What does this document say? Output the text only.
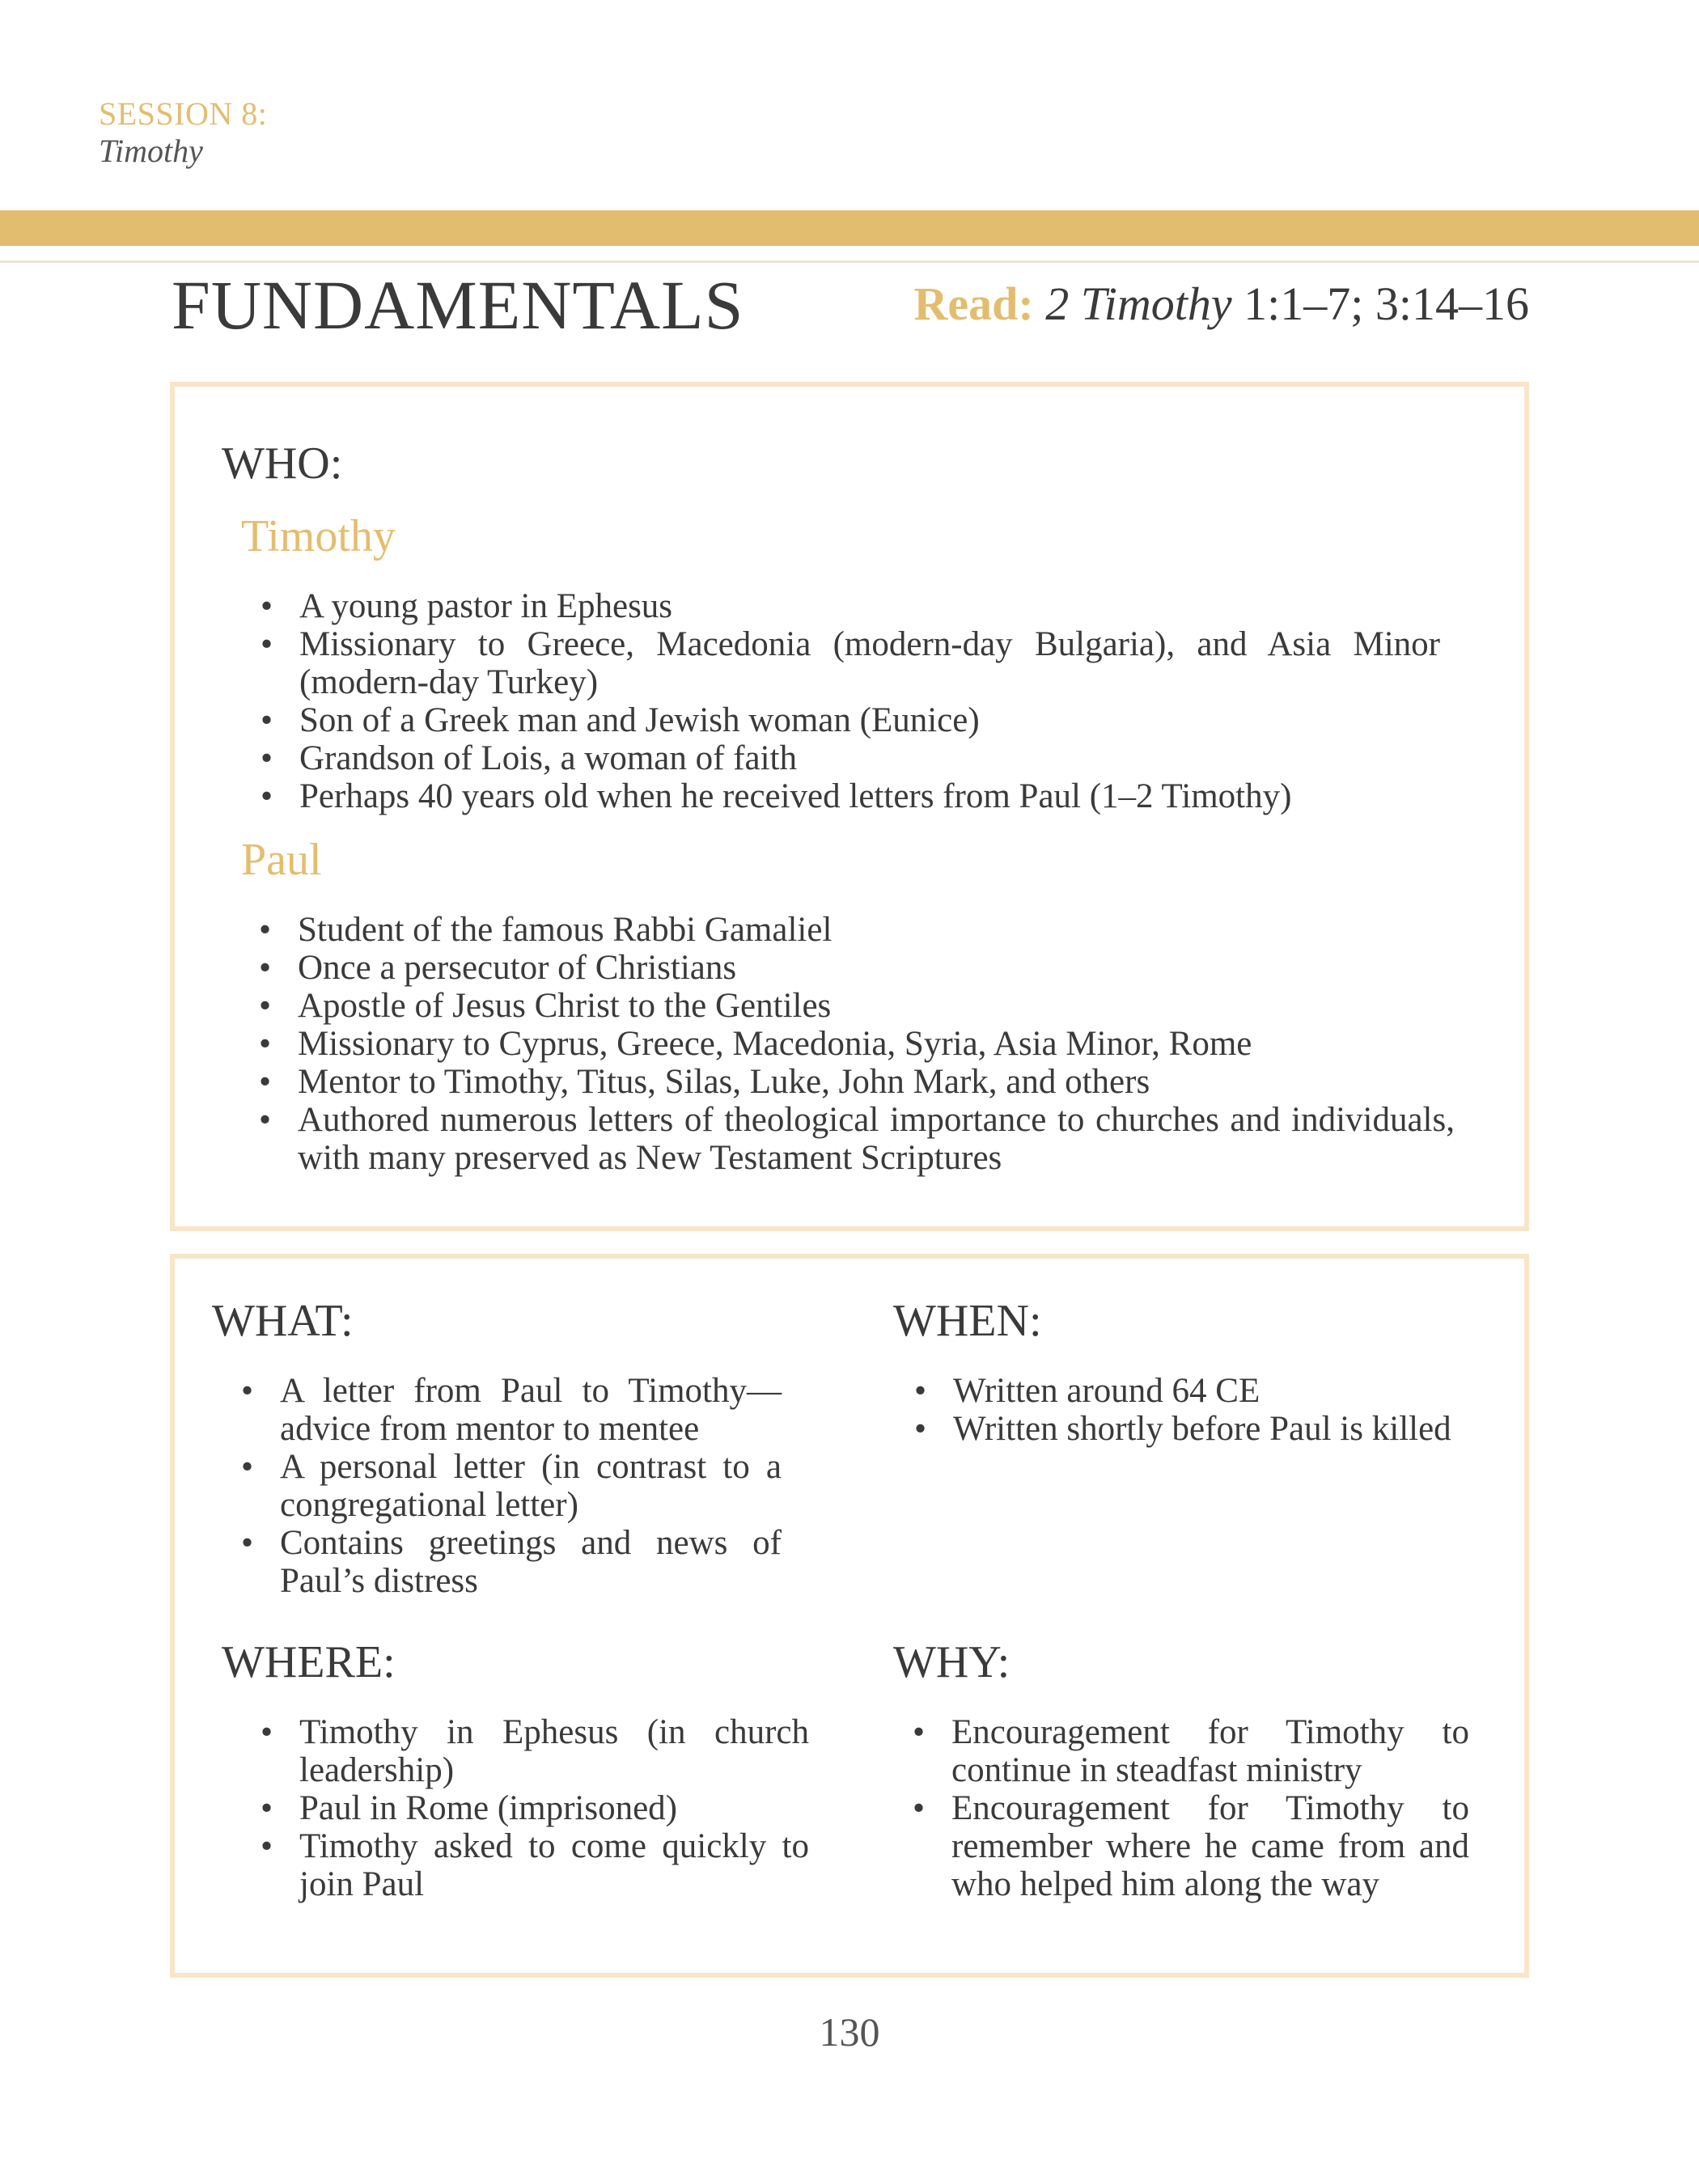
SESSION 8:
Timothy
FUNDAMENTALS	Read: 2 Timothy 1:1–7; 3:14–16
WHO:
Timothy
• A young pastor in Ephesus
• Missionary to Greece, Macedonia (modern-day Bulgaria), and Asia Minor (modern-day Turkey)
• Son of a Greek man and Jewish woman (Eunice)
• Grandson of Lois, a woman of faith
• Perhaps 40 years old when he received letters from Paul (1–2 Timothy)
Paul
• Student of the famous Rabbi Gamaliel
• Once a persecutor of Christians
• Apostle of Jesus Christ to the Gentiles
• Missionary to Cyprus, Greece, Macedonia, Syria, Asia Minor, Rome
• Mentor to Timothy, Titus, Silas, Luke, John Mark, and others
• Authored numerous letters of theological importance to churches and individuals, with many preserved as New Testament Scriptures
WHAT:
• A letter from Paul to Timothy—advice from mentor to mentee
• A personal letter (in contrast to a congregational letter)
• Contains greetings and news of Paul’s distress
WHEN:
• Written around 64 CE
• Written shortly before Paul is killed
WHERE:
• Timothy in Ephesus (in church leadership)
• Paul in Rome (imprisoned)
• Timothy asked to come quickly to join Paul
WHY:
• Encouragement for Timothy to continue in steadfast ministry
• Encouragement for Timothy to remember where he came from and who helped him along the way
130
